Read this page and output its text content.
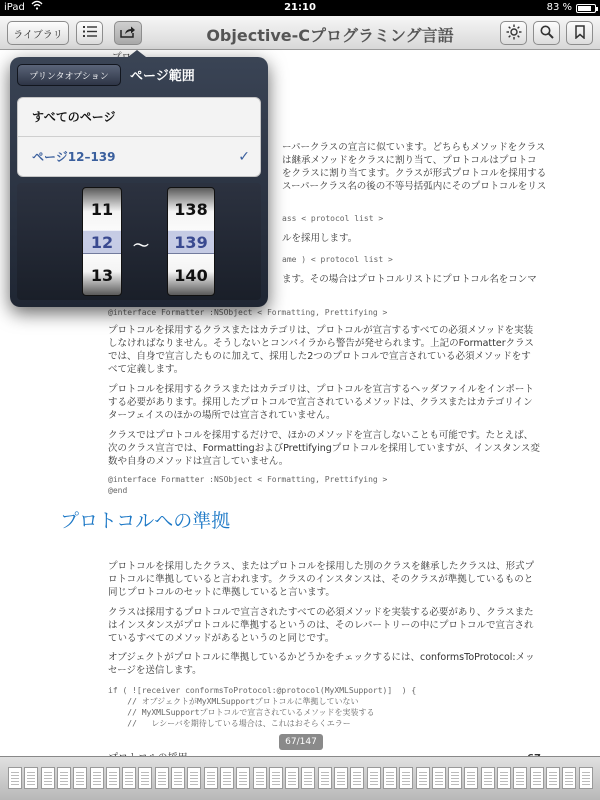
iPad	21:10	83 %
ライブラリ	Objective-Cプログラミング言語
ーパークラスの宣言に似ています。どちらもメソッドをクラス
は継承メソッドをクラスに割り当て、プロトコルはプロトコ
をクラスに割り当てます。クラスが形式プロトコルを採用する
スーパークラス名の後の不等号括弧内にそのプロトコルをリス
ass < protocol list >
ルを採用します。
ame ) < protocol list >
ます。その場合はプロトコルリストにプロトコル名をコンマ
@interface Formatter :NSObject < Formatting, Prettifying >
プロトコルを採用するクラスまたはカテゴリは、プロトコルが宣言するすべての必須メソッドを実装しなければなりません。そうしないとコンパイラから警告が発せられます。上記のFormatterクラスでは、自身で宣言したものに加えて、採用した2つのプロトコルで宣言されている必須メソッドをすべて定義します。
プロトコルを採用するクラスまたはカテゴリは、プロトコルを宣言するヘッダファイルをインポートする必要があります。採用したプロトコルで宣言されているメソッドは、クラスまたはカテゴリインターフェイスのほかの場所では宣言されていません。
クラスではプロトコルを採用するだけで、ほかのメソッドを宣言しないことも可能です。たとえば、次のクラス宣言では、FormattingおよびPrettifyingプロトコルを採用していますが、インスタンス変数や自身のメソッドは宣言していません。
@interface Formatter :NSObject < Formatting, Prettifying >
@end
プロトコルへの準拠
プロトコルを採用したクラス、またはプロトコルを採用した別のクラスを継承したクラスは、形式プロトコルに準拠していると言われます。クラスのインスタンスは、そのクラスが準拠しているものと同じプロトコルのセットに準拠していると言います。
クラスは採用するプロトコルで宣言されたすべての必須メソッドを実装する必要があり、クラスまたはインスタンスがプロトコルに準拠するというのは、そのレパートリーの中にプロトコルで宣言されているすべてのメソッドがあるというのと同じです。
オブジェクトがプロトコルに準拠しているかどうかをチェックするには、conformsToProtocol:メッセージを送信します。
if ( ![receiver conformsToProtocol:@protocol(MyXMLSupport)]  ) {
// オブジェクトがMyXMLSupportプロトコルに準拠していない
// MyXMLSupportプロトコルで宣言されているメソッドを実装する
//   レシーバを期待している場合は、これはおそらくエラー
67/147
プリンタオプション	ページ範囲
すべてのページ
ページ12–139	✓
11
12
13
〜
138
139
140
